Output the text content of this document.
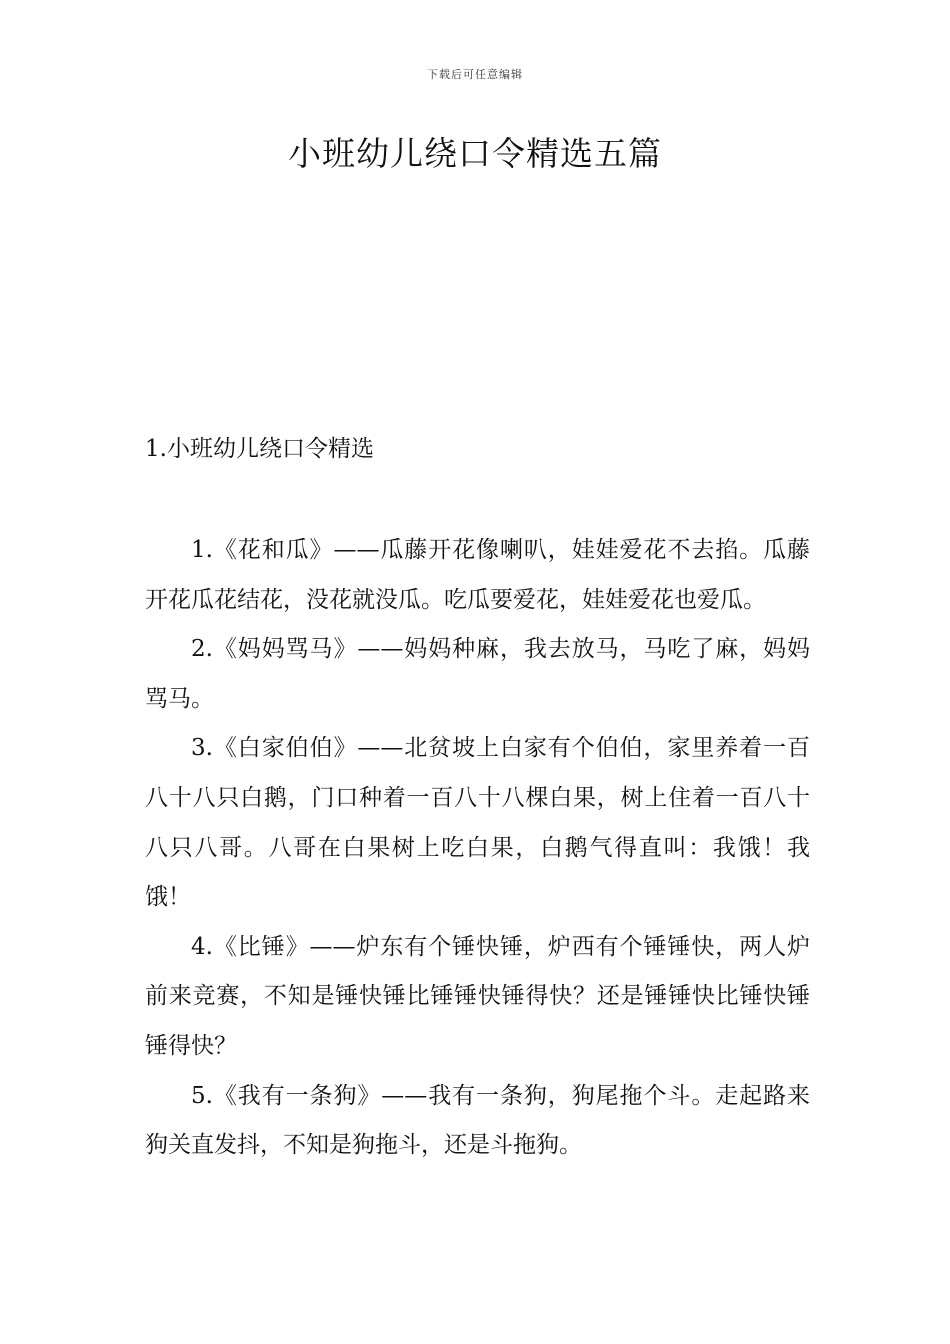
下载后可任意编辑
小班幼儿绕口令精选五篇
1.小班幼儿绕口令精选

1.《花和瓜》——瓜藤开花像喇叭，娃娃爱花不去掐。瓜藤开花瓜花结花，没花就没瓜。吃瓜要爱花，娃娃爱花也爱瓜。

2.《妈妈骂马》——妈妈种麻，我去放马，马吃了麻，妈妈骂马。

3.《白家伯伯》——北贫坡上白家有个伯伯，家里养着一百八十八只白鹅，门口种着一百八十八棵白果，树上住着一百八十八只八哥。八哥在白果树上吃白果，白鹅气得直叫：我饿！我饿！

4.《比锤》——炉东有个锤快锤，炉西有个锤锤快，两人炉前来竞赛，不知是锤快锤比锤锤快锤得快？还是锤锤快比锤快锤锤得快？

5.《我有一条狗》——我有一条狗，狗尾拖个斗。走起路来狗关直发抖，不知是狗拖斗，还是斗拖狗。
